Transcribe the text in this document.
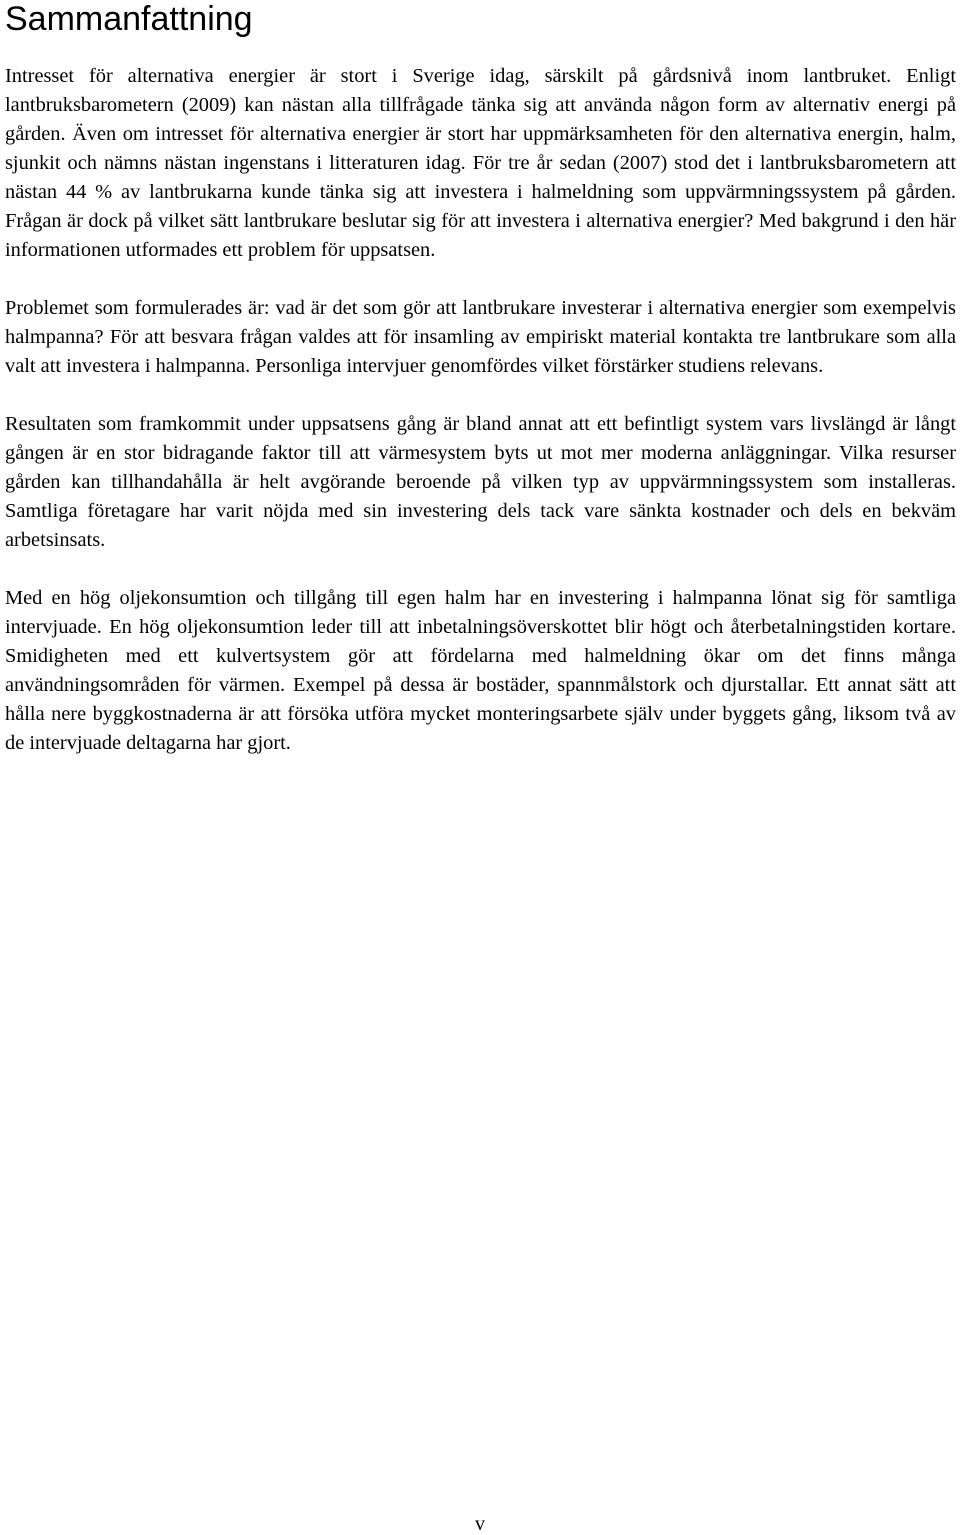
Sammanfattning

Intresset för alternativa energier är stort i Sverige idag, särskilt på gårdsnivå inom lantbruket. Enligt lantbruksbarometern (2009) kan nästan alla tillfrågade tänka sig att använda någon form av alternativ energi på gården. Även om intresset för alternativa energier är stort har uppmärksamheten för den alternativa energin, halm, sjunkit och nämns nästan ingenstans i litteraturen idag. För tre år sedan (2007) stod det i lantbruksbarometern att nästan 44 % av lantbrukarna kunde tänka sig att investera i halmeldning som uppvärmningssystem på gården. Frågan är dock på vilket sätt lantbrukare beslutar sig för att investera i alternativa energier? Med bakgrund i den här informationen utformades ett problem för uppsatsen.

Problemet som formulerades är: vad är det som gör att lantbrukare investerar i alternativa energier som exempelvis halmpanna? För att besvara frågan valdes att för insamling av empiriskt material kontakta tre lantbrukare som alla valt att investera i halmpanna. Personliga intervjuer genomfördes vilket förstärker studiens relevans.

Resultaten som framkommit under uppsatsens gång är bland annat att ett befintligt system vars livslängd är långt gången är en stor bidragande faktor till att värmesystem byts ut mot mer moderna anläggningar. Vilka resurser gården kan tillhandahålla är helt avgörande beroende på vilken typ av uppvärmningssystem som installeras. Samtliga företagare har varit nöjda med sin investering dels tack vare sänkta kostnader och dels en bekväm arbetsinsats.

Med en hög oljekonsumtion och tillgång till egen halm har en investering i halmpanna lönat sig för samtliga intervjuade. En hög oljekonsumtion leder till att inbetalningsöverskottet blir högt och återbetalningstiden kortare. Smidigheten med ett kulvertsystem gör att fördelarna med halmeldning ökar om det finns många användningsområden för värmen. Exempel på dessa är bostäder, spannmålstork och djurstallar. Ett annat sätt att hålla nere byggkostnaderna är att försöka utföra mycket monteringsarbete själv under byggets gång, liksom två av de intervjuade deltagarna har gjort.

v
